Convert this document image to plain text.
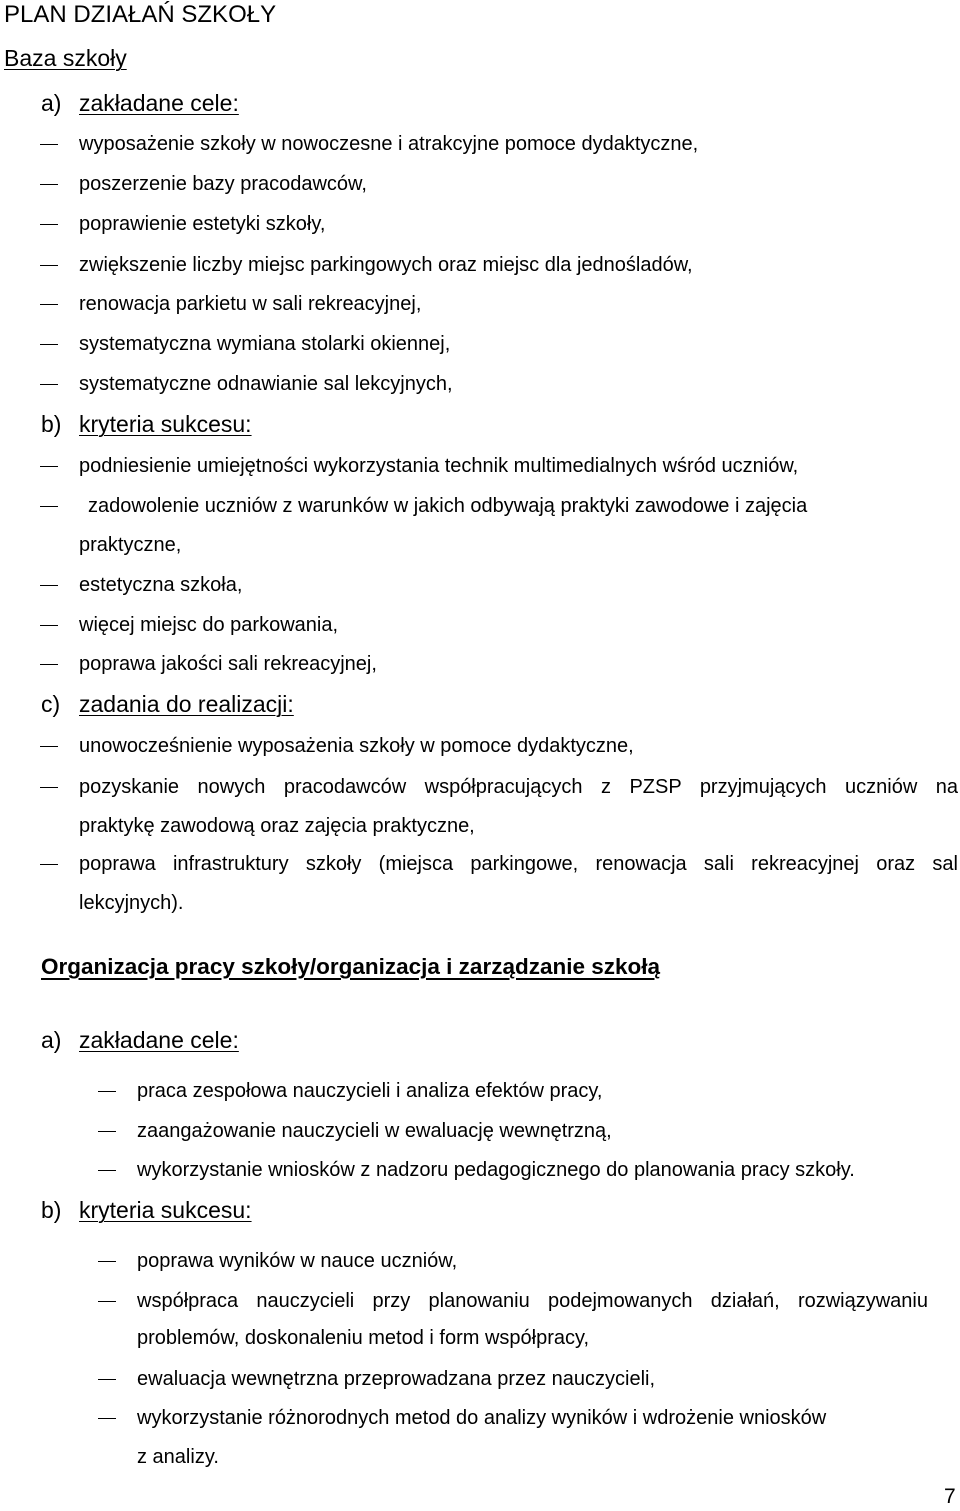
PLAN DZIAŁAŃ SZKOŁY
Baza szkoły
a) zakładane cele:
wyposażenie szkoły w nowoczesne i atrakcyjne pomoce dydaktyczne,
poszerzenie bazy pracodawców,
poprawienie estetyki szkoły,
zwiększenie liczby miejsc parkingowych oraz miejsc dla jednośladów,
renowacja parkietu w sali rekreacyjnej,
systematyczna wymiana stolarki okiennej,
systematyczne odnawianie sal lekcyjnych,
b) kryteria sukcesu:
podniesienie umiejętności wykorzystania technik multimedialnych wśród uczniów,
zadowolenie uczniów z warunków w jakich odbywają praktyki zawodowe i zajęcia
praktyczne,
estetyczna szkoła,
więcej miejsc do parkowania,
poprawa jakości sali rekreacyjnej,
c) zadania do realizacji:
unowocześnienie wyposażenia szkoły w pomoce dydaktyczne,
pozyskanie nowych pracodawców współpracujących z PZSP przyjmujących uczniów na
praktykę zawodową oraz zajęcia praktyczne,
poprawa infrastruktury szkoły (miejsca parkingowe, renowacja sali rekreacyjnej oraz sal
lekcyjnych).
Organizacja pracy szkoły/organizacja i zarządzanie szkołą
a) zakładane cele:
praca zespołowa nauczycieli i analiza efektów pracy,
zaangażowanie nauczycieli w ewaluację wewnętrzną,
wykorzystanie wniosków z nadzoru pedagogicznego do planowania pracy szkoły.
b) kryteria sukcesu:
poprawa wyników w nauce uczniów,
współpraca nauczycieli przy planowaniu podejmowanych działań, rozwiązywaniu
problemów, doskonaleniu metod i form współpracy,
ewaluacja wewnętrzna przeprowadzana przez nauczycieli,
wykorzystanie różnorodnych metod do analizy wyników i wdrożenie wniosków
z analizy.
7
